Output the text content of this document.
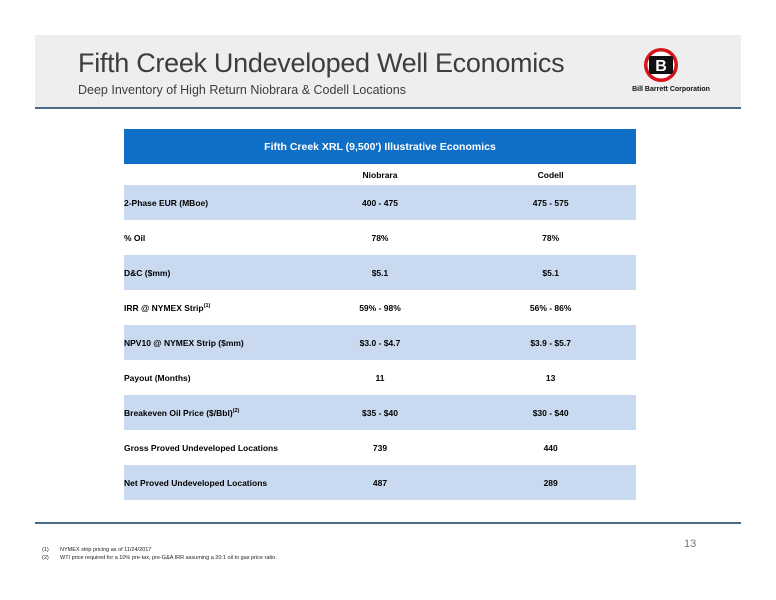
Fifth Creek Undeveloped Well Economics
Deep Inventory of High Return Niobrara & Codell Locations
B
Bill Barrett Corporation
Fifth Creek XRL (9,500') Illustrative Economics		
	Niobrara	Codell
2-Phase EUR (MBoe)	400 - 475	475 - 575
% Oil	78%	78%
D&C ($mm)	$5.1	$5.1
IRR @ NYMEX Strip$^{(1)}$	59% - 98%	56% - 86%
NPV10 @ NYMEX Strip ($mm)	$3.0 - $4.7	$3.9 - $5.7
Payout (Months)	11	13
Breakeven Oil Price ($/Bbl)$^{(2)}$	$35 - $40	$30 - $40
Gross Proved Undeveloped Locations	739	440
Net Proved Undeveloped Locations	487	289
13
(1)	NYMEX strip pricing as of 11/24/2017
(2)	WTI price required for a 10% pre-tax, pre-G&A IRR assuming a 20:1 oil to gas price ratio.
